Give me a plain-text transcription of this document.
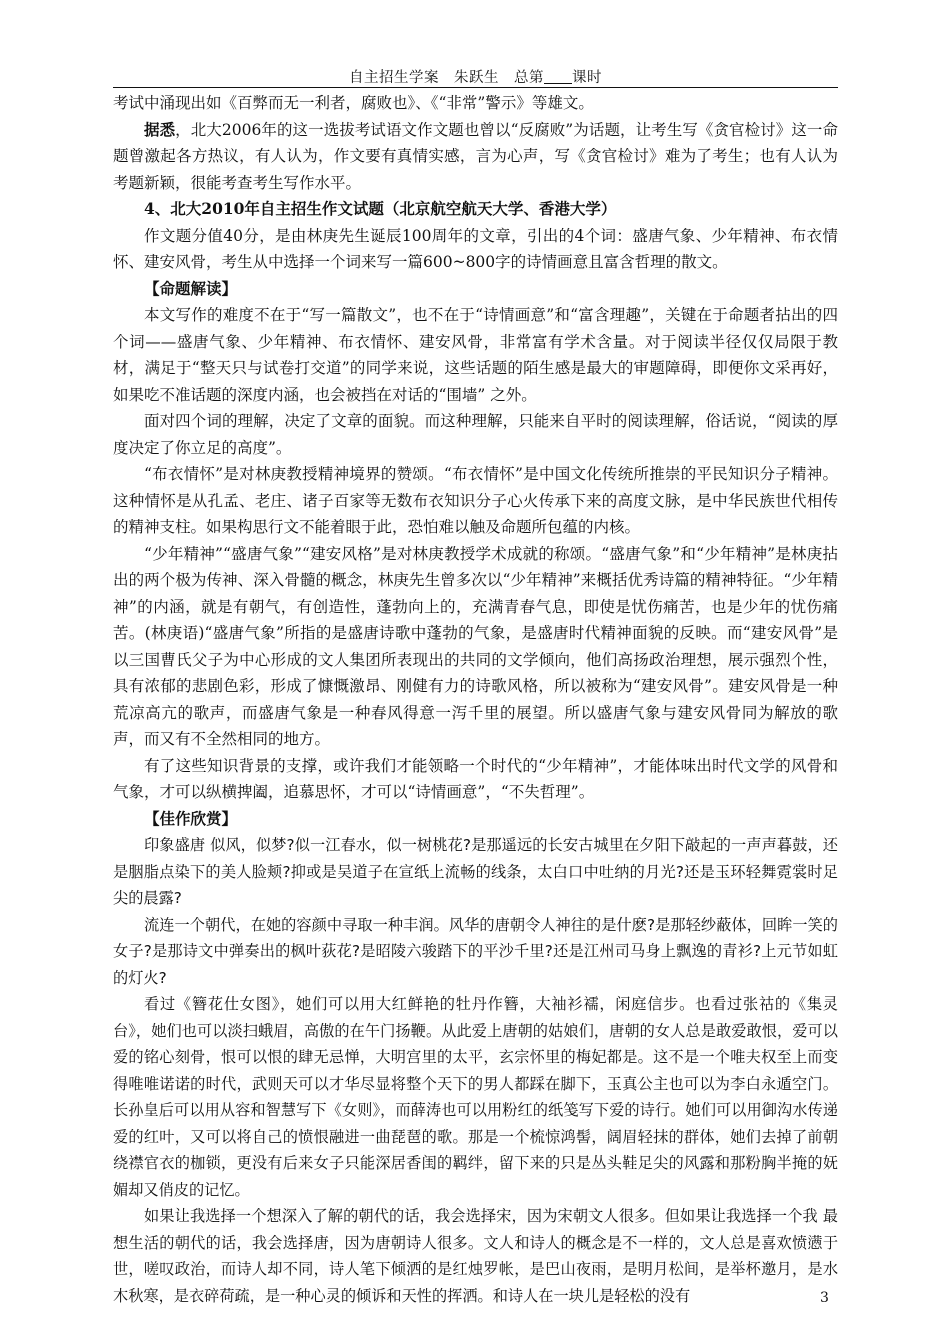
自主招生学案　朱跃生　总第 课时

考试中涌现出如《百弊而无一利者，腐败也》、《“非常”警示》等雄文。

据悉，北大2006年的这一选拔考试语文作文题也曾以“反腐败”为话题，让考生写《贪官检讨》这一命题曾激起各方热议，有人认为，作文要有真情实感，言为心声，写《贪官检讨》难为了考生；也有人认为考题新颖，很能考查考生写作水平。

4、北大2010年自主招生作文试题（北京航空航天大学、香港大学）

作文题分值40分，是由林庚先生诞辰100周年的文章，引出的4个词：盛唐气象、少年精神、布衣情怀、建安风骨，考生从中选择一个词来写一篇600~800字的诗情画意且富含哲理的散文。

【命题解读】

本文写作的难度不在于“写一篇散文”，也不在于“诗情画意”和“富含理趣”，关键在于命题者拈出的四个词——盛唐气象、少年精神、布衣情怀、建安风骨，非常富有学术含量。对于阅读半径仅仅局限于教材，满足于“整天只与试卷打交道”的同学来说，这些话题的陌生感是最大的审题障碍，即便你文采再好，如果吃不准话题的深度内涵，也会被挡在对话的“围墙” 之外。

面对四个词的理解，决定了文章的面貌。而这种理解，只能来自平时的阅读理解，俗话说，“阅读的厚度决定了你立足的高度”。

“布衣情怀”是对林庚教授精神境界的赞颂。“布衣情怀”是中国文化传统所推崇的平民知识分子精神。这种情怀是从孔孟、老庄、诸子百家等无数布衣知识分子心火传承下来的高度文脉，是中华民族世代相传的精神支柱。如果构思行文不能着眼于此，恐怕难以触及命题所包蕴的内核。

“少年精神”“盛唐气象”“建安风格”是对林庚教授学术成就的称颂。“盛唐气象”和“少年精神”是林庚拈出的两个极为传神、深入骨髓的概念，林庚先生曾多次以“少年精神”来概括优秀诗篇的精神特征。“少年精神”的内涵，就是有朝气，有创造性，蓬勃向上的，充满青春气息，即使是忧伤痛苦，也是少年的忧伤痛苦。(林庚语)“盛唐气象”所指的是盛唐诗歌中蓬勃的气象，是盛唐时代精神面貌的反映。而“建安风骨”是以三国曹氏父子为中心形成的文人集团所表现出的共同的文学倾向，他们高扬政治理想，展示强烈个性，具有浓郁的悲剧色彩，形成了慷慨激昂、刚健有力的诗歌风格，所以被称为“建安风骨”。建安风骨是一种荒凉高亢的歌声，而盛唐气象是一种春风得意一泻千里的展望。所以盛唐气象与建安风骨同为解放的歌声，而又有不全然相同的地方。

有了这些知识背景的支撑，或许我们才能领略一个时代的“少年精神”，才能体味出时代文学的风骨和气象，才可以纵横捭阖，追慕思怀，才可以“诗情画意”，“不失哲理”。

【佳作欣赏】

印象盛唐 似风，似梦?似一江春水，似一树桃花?是那遥远的长安古城里在夕阳下敲起的一声声暮鼓，还是胭脂点染下的美人脸颊?抑或是吴道子在宣纸上流畅的线条，太白口中吐纳的月光?还是玉环轻舞霓裳时足尖的晨露?

流连一个朝代，在她的容颜中寻取一种丰润。风华的唐朝令人神往的是什麽?是那轻纱蔽体，回眸一笑的女子?是那诗文中弹奏出的枫叶荻花?是昭陵六骏踏下的平沙千里?还是江州司马身上飘逸的青衫?上元节如虹的灯火?

看过《簪花仕女图》，她们可以用大红鲜艳的牡丹作簪，大袖衫襦，闲庭信步。也看过张祜的《集灵台》，她们也可以淡扫蛾眉，高傲的在午门扬鞭。从此爱上唐朝的姑娘们，唐朝的女人总是敢爱敢恨，爱可以爱的铭心刻骨，恨可以恨的肆无忌惮，大明宫里的太平，玄宗怀里的梅妃都是。这不是一个唯夫权至上而变得唯唯诺诺的时代，武则天可以才华尽显将整个天下的男人都踩在脚下，玉真公主也可以为李白永遁空门。长孙皇后可以用从容和智慧写下《女则》，而薛涛也可以用粉红的纸笺写下爱的诗行。她们可以用御沟水传递爱的红叶，又可以将自己的愤恨融进一曲琵琶的歌。那是一个梳惊鸿髻，阔眉轻抹的群体，她们去掉了前朝绕襟官衣的枷锁，更没有后来女子只能深居香闺的羁绊，留下来的只是丛头鞋足尖的风露和那粉胸半掩的妩媚却又俏皮的记忆。

如果让我选择一个想深入了解的朝代的话，我会选择宋，因为宋朝文人很多。但如果让我选择一个我 最想生活的朝代的话，我会选择唐，因为唐朝诗人很多。文人和诗人的概念是不一样的，文人总是喜欢愤懑于世，嗟叹政治，而诗人却不同，诗人笔下倾洒的是红烛罗帐，是巴山夜雨，是明月松间，是举杯邀月，是水木秋寒，是衣碎荷疏，是一种心灵的倾诉和天性的挥洒。和诗人在一块儿是轻松的没有	3
